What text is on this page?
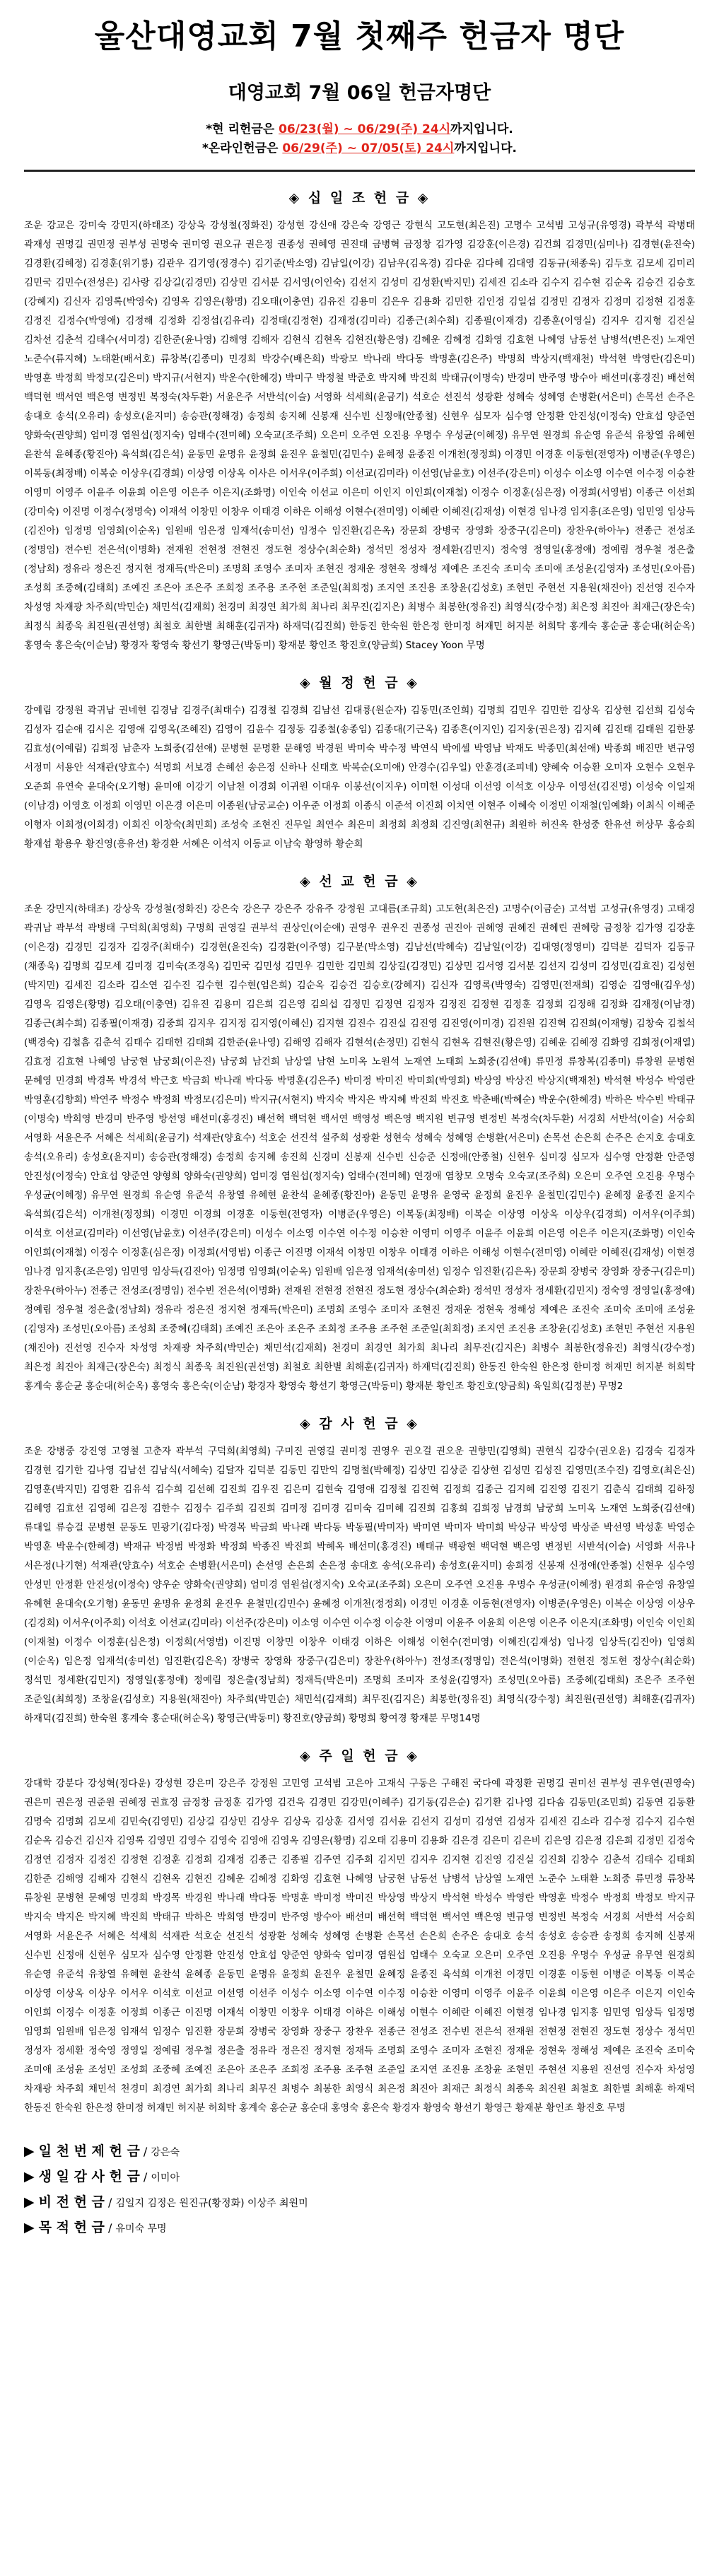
울산대영교회 7월 첫째주 헌금자 명단
대영교회 7월 06일 헌금자명단
*현 리헌금은 06/23(월) ~ 06/29(주) 24시까지입니다.
*온라인헌금은 06/29(주) ~ 07/05(토) 24시까지입니다.
◈ 십 일 조 헌 금 ◈

조운 강교은 강미숙 강민지(하태조) 강상욱 강성철(정화진) 강성현 강신애 강은숙 강영근 강현식 고도현(최은진) 고명수 고석범 고성규(유영경) 곽부석 곽병태 곽재성 권명길 권민정 권부성 권명숙 권미영 권오규 권은정 권종성 권혜영 권진태 금병혁 금정창 김가영 김강훈(이은경) 김건희 김경민(심미나) 김경현(윤진숙) 김경환(김혜정) 김경훈(위기룡) 김관우 김기영(정경수) 김기준(박소영) 김남일(이강) 김남우(김옥경) 김다운 김다혜 김대영 김동규(채종욱) 김두호 김모세 김미리 김민국 김민수(전성은) 김사랑 김상길(김경민) 김상민 김서분 김서영(이인숙) 김선지 김성미 김성환(박지민) 김세진 김소라 김수지 김수현 김순옥 김승건 김승호(강혜지) 김신자 김영록(박영숙) 김영옥 김영은(황명) 김오태(이충연) 김유진 김용미 김은우 김용화 김민한 김인정 김일섭 김정민 김정자 김정미 김정현 김정훈 김정진 김정수(박영애) 김정해 김정화 김정섭(김유리) 김정태(김정현) 김재정(김미라) 김종근(최수희) 김종필(이재경) 김종훈(이영실) 김지우 김지형 김진실 김차선 김춘석 김태수(서미경) 김한준(윤나영) 김해영 김해자 김현식 김현옥 김현진(황은영) 김혜운 김혜정 김화영 김효현 나혜영 남동선 남병석(변은진) 노재연 노준수(류지혜) 노태환(배서호) 류창복(김종미) 민경희 박강수(배은희) 박광모 박나래 박다동 박명훈(김은주) 박명희 박상지(백재천) 박석현 박영란(김은미) 박영훈 박정희 박정모(김은미) 박지규(서현지) 박운수(한혜경) 박미구 박정철 박준호 박지혜 박진희 박태규(이명숙) 반경미 반주영 방수아 배선미(홍경진) 배선혁 백덕현 백서연 백은영 변정빈 복정숙(차두환) 서윤은주 서반석(이슬) 서영화 석세희(윤금기) 석호순 선진석 성광환 성혜숙 성혜영 손병환(서은미) 손목선 손주은 송대호 송석(오유리) 송성호(윤지미) 송승관(정해경) 송정희 송지혜 신봉재 신수빈 신정애(안종철) 신현우 심모자 심수영 안정환 안진성(이정숙) 안효섭 양준연 양화숙(권양희) 엄미경 염원섭(정지숙) 엄태수(전미혜) 오숙교(조주희) 오은미 오주연 오진용 우명수 우성균(이혜정) 유무연 원경희 유순영 유준석 유창열 유혜현 윤찬석 윤혜종(황진아) 육석희(김은석) 윤동민 윤명유 윤정희 윤진우 윤철민(김민수) 윤혜정 윤종진 이개천(정정희) 이경민 이경훈 이동현(전영자) 이병준(우영은) 이복동(최정배) 이복순 이상우(김경희) 이상영 이상옥 이사은 이서우(이주희) 이선교(김미라) 이선영(남윤호) 이선주(강은미) 이성수 이소영 이수연 이수정 이승찬 이영미 이영주 이윤주 이윤희 이은영 이은주 이은지(조화명) 이인숙 이선교 이은미 이인지 이인희(이재철) 이정수 이정훈(심은정) 이정희(서영범) 이종근 이선희(강미숙) 이진명 이정수(정명숙) 이재석 이창민 이창우 이태경 이하은 이해성 이현수(전미영) 이혜란 이혜진(김재성) 이현경 임나경 임지흥(조은영) 임민영 임상득(김진아) 임정명 임영희(이순옥) 임원배 임은정 임재석(송미선) 임정수 임진환(김은옥) 장문희 장병국 장영화 장중구(김은미) 장찬우(하아누) 전종근 전성조(정명임) 전수빈 전은석(이명화) 전재원 전현정 전현진 정도현 정상수(최순화) 정석민 정성자 정세환(김민지) 정숙영 정영일(홍정애) 정예림 정우철 정은출(정남희) 정유라 정은진 정지현 정재득(박은미) 조명희 조영수 조미자 조현진 정재운 정현욱 정해성 제예은 조진숙 조미숙 조미애 조성윤(김영자) 조성민(오아름) 조성희 조중혜(김태희) 조예진 조은아 조은주 조희정 조주용 조주현 조준일(최희정) 조지연 조진용 조창윤(김성호) 조현민 주현선 지용원(채진아) 진선영 진수자 차성영 차재광 차주희(박민순) 채민석(김재희) 천경미 최경연 최가희 최나리 최무진(김지은) 최병수 최봉한(정유진) 최영식(강수정) 최은정 최진아 최재근(장은숙) 최정식 최종욱 최진원(권선영) 최철호 최한별 최해훈(김귀자) 하재덕(김진희) 한동진 한숙원 한은정 한미정 허재민 허지분 허희탁 홍계숙 홍순균 홍순대(허순옥) 홍영숙 홍은숙(이순남) 황경자 황영숙 황선기 황영근(박동미) 황재분 황인조 황진호(양금희) Stacey Yoon 무명

◈ 월 정 헌 금 ◈

강예림 강정원 곽귀남 권네현 김경남 김경주(최태수) 김경철 김경희 김남선 김대룡(원순자) 김동민(조인희) 김명희 김민우 김민한 김상옥 김상현 김선희 김성숙 김성자 김순애 김시온 김영애 김영옥(조혜진) 김영이 김윤수 김정동 김종철(송종임) 김종대(기근옥) 김종흔(이지인) 김지웅(권은정) 김지혜 김진태 김태원 김한봉 김효성(이예림) 김희정 남춘자 노희중(김선애) 문병현 문명환 문해영 박경원 박미숙 박수정 박연식 박에셀 박영남 박재도 박종민(최선애) 박종희 배진만 변규영 서정미 서용안 석재관(양효수) 석명희 서보경 손혜선 송은정 신하나 신태호 박복순(오미애) 안경수(김우일) 안훈경(조피네) 양혜숙 어승환 오미자 오현수 오현우 오준희 유연숙 윤대숙(오기형) 윤미애 이강기 이남천 이경희 이귀원 이대우 이봉선(이지우) 이미헌 이성대 이선영 이석호 이상우 이영선(김진명) 이성숙 이일재(이남경) 이영호 이정희 이영민 이은경 이은미 이종원(남궁교순) 이우준 이정희 이종식 이준석 이진희 이치연 이현주 이혜숙 이정민 이재철(임예화) 이최식 이해준 이형자 이희정(이희경) 이희진 이창숙(최민희) 조성숙 조현진 진무일 최연수 최은미 최정희 최정희 김진영(최현규) 최원하 허진옥 한성중 한유선 허상무 홍승희 황재섭 황용우 황진영(흥유선) 황경환 서혜은 이석지 이동교 이남숙 황영하 황순희

◈ 선 교 헌 금 ◈

조운 강민지(하태조) 강상욱 강성철(정화진) 강은숙 강은구 강은주 강유주 강정원 고대름(조규희) 고도현(최은진) 고명수(이금순) 고석범 고성규(유영경) 고태경 곽귀남 곽부석 곽병태 구덕희(최영희) 구명희 권영길 권부석 권상인(이순애) 권영우 권우진 권종성 권진아 권혜영 권혜진 권혜린 권혜랑 금정창 김가영 김강훈(이은경) 김경민 김경자 김경주(최태수) 김경현(윤진숙) 김경환(이주영) 김구분(박소영) 김남선(박혜숙) 김남일(이강) 김대영(정영미) 김덕분 김덕자 김동규(채종욱) 김명희 김모세 김미경 김미숙(조경옥) 김민국 김민성 김민우 김민한 김민희 김상길(김경민) 김상민 김서영 김서분 김선지 김성미 김성민(김효진) 김성현(박지민) 김세진 김소라 김소연 김수진 김수현 김수현(엄은희) 김순옥 김승건 김승호(강혜지) 김신자 김영록(박영숙) 김영민(전재희) 김영순 김영애(김우성) 김영옥 김영은(황명) 김오태(이충연) 김유진 김용미 김은희 김은영 김의섭 김정민 김정연 김정자 김정진 김정현 김정훈 김정회 김정해 김정화 김재정(이남경) 김종근(최수희) 김종필(이재경) 김중희 김지우 김지정 김지영(이혜신) 김지현 김진수 김진실 김진영 김진영(이미경) 김진원 김진혁 김진희(이재형) 김창숙 김철석(백경숙) 김철흠 김춘석 김태수 김태헌 김태희 김한준(윤나영) 김해영 김해자 김현석(손정민) 김현식 김현옥 김현진(황은영) 김혜운 김혜정 김화영 김희정(이재열) 김효정 김효현 나혜영 남궁현 남궁희(이은진) 남궁희 남건희 남상열 남현 노미옥 노원석 노재연 노태희 노희중(김선애) 류민정 류창복(김종미) 류창원 문병현 문혜영 민경희 박경목 박경석 박근호 박금희 박나래 박다동 박명훈(김은주) 박미정 박미진 박미희(박영희) 박상영 박상진 박상지(백재천) 박석현 박성수 박영란 박영훈(김향희) 박연주 박정수 박정희 박정모(김은미) 박지규(서현지) 박지숙 박지은 박지혜 박진희 박진호 박춘배(박혜순) 박운수(한혜경) 박하은 박수빈 박태규(이명숙) 박희영 반경미 반주영 방선영 배선미(홍경진) 배선혁 백덕현 백서연 백영성 백은영 백지원 변규영 변정빈 복정숙(차두환) 서경희 서반석(이슬) 서승희 서영화 서윤은주 서혜은 석세희(윤금기) 석재관(양효수) 석호순 선진석 설주희 성광환 성현숙 성혜숙 성혜영 손병환(서은미) 손목선 손은희 손주은 손지호 송대호 송석(오유리) 송성호(윤지미) 송승관(정해경) 송정희 송지혜 송진희 신경미 신봉재 신수빈 신승준 신정애(안종철) 신현우 심미경 심모자 심수영 안정환 안준영 안진성(이정숙) 안효섭 양준연 양형희 양화숙(권양희) 엄미경 염원섭(정지숙) 엄태수(전미혜) 연경애 염창모 오명숙 오숙교(조주희) 오은미 오주연 오진용 우명수 우성균(이혜정) 유무연 원경희 유순영 유준석 유창열 유혜현 윤찬석 윤혜종(황진아) 윤동민 윤명유 윤영국 윤정희 윤진우 윤철민(김민수) 윤혜정 윤종진 윤지수 육석희(김은석) 이개천(정정희) 이경민 이경희 이경훈 이동현(전영자) 이병준(우영은) 이복동(최정배) 이복순 이상영 이상옥 이상우(김경희) 이서우(이주희) 이석호 이선교(김미라) 이선영(남윤호) 이선주(강은미) 이성수 이소영 이수연 이수정 이승찬 이영미 이영주 이윤주 이윤희 이은영 이은주 이은지(조화명) 이인숙 이인희(이재철) 이정수 이정훈(심은정) 이정희(서영범) 이종근 이진명 이재석 이창민 이창우 이태경 이하은 이해성 이현수(전미영) 이혜란 이혜진(김재성) 이현경 임나경 임지흥(조은영) 임민영 임상득(김진아) 임정명 임영희(이순옥) 임원배 임은정 임재석(송미선) 임정수 임진환(김은옥) 장문희 장병국 장영화 장중구(김은미) 장찬우(하아누) 전종근 전성조(정명임) 전수빈 전은석(이명화) 전재원 전현정 전현진 정도현 정상수(최순화) 정석민 정성자 정세환(김민지) 정숙영 정영일(홍정애) 정예림 정우철 정은출(정남희) 정유라 정은진 정지현 정재득(박은미) 조명희 조영수 조미자 조현진 정재운 정현욱 정해성 제예은 조진숙 조미숙 조미애 조성윤(김영자) 조성민(오아름) 조성희 조중혜(김태희) 조예진 조은아 조은주 조희정 조주용 조주현 조준일(최희정) 조지연 조진용 조창윤(김성호) 조현민 주현선 지용원(채진아) 진선영 진수자 차성영 차재광 차주희(박민순) 채민석(김재희) 천경미 최경연 최가희 최나리 최무진(김지은) 최병수 최봉한(정유진) 최영식(강수정) 최은정 최진아 최재근(장은숙) 최정식 최종욱 최진원(권선영) 최철호 최한별 최해훈(김귀자) 하재덕(김진희) 한동진 한숙원 한은정 한미정 허재민 허지분 허희탁 홍계숙 홍순균 홍순대(허순옥) 홍영숙 홍은숙(이순남) 황경자 황영숙 황선기 황영근(박동미) 황재분 황인조 황진호(양금희) 육일희(김정분) 무명2

◈ 감 사 헌 금 ◈

조운 강병중 강진영 고영철 고춘자 곽부석 구덕희(최영희) 구미진 권영길 권미정 권영우 권오걸 권오운 권향민(김영희) 권현식 김강수(권오윤) 김경숙 김경자 김경현 김기한 김나영 김남선 김남식(서혜숙) 김달자 김덕분 김동민 김만익 김명철(박혜정) 김상민 김상준 김상현 김성민 김성진 김영민(조수진) 김영호(최은신) 김영훈(박지민) 김영환 김유석 김수희 김선혜 김진희 김우진 김은미 김현숙 김영애 김정철 김진혁 김정희 김종근 김지혜 김진영 김진기 김춘식 김태희 김하정 김혜영 김효선 김영혜 김은정 김한수 김정수 김주희 김진희 김미정 김미경 김미숙 김미혜 김진희 김홍희 김희정 남경희 남궁희 노미옥 노재연 노희중(김선애) 류대일 류승걸 문병현 문동도 민광기(김다정) 박경목 박금희 박나래 박다동 박동필(박미자) 박미연 박미자 박미희 박상규 박상영 박상준 박선영 박성훈 박영순 박영훈 박운수(한혜경) 박재규 박정범 박정화 박정희 박종진 박진희 박혜옥 배선미(홍경진) 배태규 백광현 백덕현 백은영 변정빈 서반석(이슬) 서영화 서유나 서은정(나기현) 석재관(양효수) 석호순 손병환(서은미) 손선영 손은희 손은정 송대호 송석(오유리) 송성호(윤지미) 송희정 신봉재 신정애(안종철) 신현우 심수영 안성민 안정환 안진성(이정숙) 양우순 양화숙(권양희) 엄미경 염원섭(정지숙) 오숙교(조주희) 오은미 오주연 오진용 우명수 우성균(이혜정) 원경희 유순영 유창열 유혜현 윤대숙(오기형) 윤동민 윤명유 윤정희 윤진우 윤철민(김민수) 윤혜정 이개천(정정희) 이경민 이경훈 이동현(전영자) 이병준(우영은) 이복순 이상영 이상우(김경희) 이서우(이주희) 이석호 이선교(김미라) 이선주(강은미) 이소영 이수연 이수정 이승찬 이영미 이윤주 이윤희 이은영 이은주 이은지(조화명) 이인숙 이인희(이재철) 이정수 이정훈(심은정) 이정희(서영범) 이진명 이창민 이창우 이태경 이하은 이해성 이현수(전미영) 이혜진(김재성) 임나경 임상득(김진아) 임영희(이순옥) 임은정 임재석(송미선) 임진환(김은옥) 장병국 장영화 장중구(김은미) 장찬우(하아누) 전성조(정명임) 전은석(이명화) 전현진 정도현 정상수(최순화) 정석민 정세환(김민지) 정영일(홍정애) 정예림 정은출(정남희) 정재득(박은미) 조명희 조미자 조성윤(김영자) 조성민(오아름) 조중혜(김태희) 조은주 조주현 조준일(최희정) 조창윤(김성호) 지용원(채진아) 차주희(박민순) 채민석(김재희) 최무진(김지은) 최봉한(정유진) 최영식(강수정) 최진원(권선영) 최해훈(김귀자) 하재덕(김진희) 한숙원 홍계숙 홍순대(허순옥) 황영근(박동미) 황진호(양금희) 황명희 황여경 황재분 무명14명

◈ 주 일 헌 금 ◈

강대학 강분다 강성혁(정다운) 강성현 강은미 강은주 강정원 고민영 고석범 고은아 고재식 구동은 구해진 국다예 곽정환 권명길 권미선 권부성 권우연(권영숙) 권은미 권은정 권준원 권혜정 권효정 금정창 금정훈 김가영 김건욱 김경민 김강민(이혜주) 김기동(김은순) 김기환 김나영 김다솜 김동민(조민희) 김동연 김동환 김명숙 김명희 김모세 김민숙(김영민) 김상길 김상민 김상우 김상욱 김상훈 김서영 김서윤 김선지 김성미 김성연 김성자 김세진 김소라 김수정 김수지 김수현 김순옥 김승건 김신자 김영록 김영민 김영수 김영숙 김영애 김영옥 김영은(황명) 김오태 김용미 김용화 김은경 김은미 김은비 김은영 김은정 김은희 김정민 김정숙 김정연 김정자 김정진 김정현 김정훈 김정희 김재정 김종근 김종필 김주연 김주희 김지민 김지우 김지현 김진영 김진실 김진희 김창수 김춘석 김태수 김태희 김한준 김해영 김해자 김현식 김현옥 김현진 김혜운 김혜정 김화영 김효현 나혜영 남궁현 남동선 남병석 남상열 노재연 노준수 노태환 노희중 류민정 류창복 류창원 문병현 문혜영 민경희 박경목 박경원 박나래 박다동 박명훈 박미정 박미진 박상영 박상지 박석현 박성수 박영란 박영훈 박정수 박정희 박정모 박지규 박지숙 박지은 박지혜 박진희 박태규 박하은 박희영 반경미 반주영 방수아 배선미 배선혁 백덕현 백서연 백은영 변규영 변정빈 복정숙 서경희 서반석 서승희 서영화 서윤은주 서혜은 석세희 석재관 석호순 선진석 성광환 성혜숙 성혜영 손병환 손목선 손은희 손주은 송대호 송석 송성호 송승관 송정희 송지혜 신봉재 신수빈 신정애 신현우 심모자 심수영 안정환 안진성 안효섭 양준연 양화숙 엄미경 염원섭 엄태수 오숙교 오은미 오주연 오진용 우명수 우성균 유무연 원경희 유순영 유준석 유창열 유혜현 윤찬석 윤혜종 윤동민 윤명유 윤정희 윤진우 윤철민 윤혜정 윤종진 육석희 이개천 이경민 이경훈 이동현 이병준 이복동 이복순 이상영 이상옥 이상우 이서우 이석호 이선교 이선영 이선주 이성수 이소영 이수연 이수정 이승찬 이영미 이영주 이윤주 이윤희 이은영 이은주 이은지 이인숙 이인희 이정수 이정훈 이정희 이종근 이진명 이재석 이창민 이창우 이태경 이하은 이해성 이현수 이혜란 이혜진 이현경 임나경 임지흥 임민영 임상득 임정명 임영희 임원배 임은정 임재석 임정수 임진환 장문희 장병국 장영화 장중구 장찬우 전종근 전성조 전수빈 전은석 전재원 전현정 전현진 정도현 정상수 정석민 정성자 정세환 정숙영 정영일 정예림 정우철 정은출 정유라 정은진 정지현 정재득 조명희 조영수 조미자 조현진 정재운 정현욱 정해성 제예은 조진숙 조미숙 조미애 조성윤 조성민 조성희 조중혜 조예진 조은아 조은주 조희정 조주용 조주현 조준일 조지연 조진용 조창윤 조현민 주현선 지용원 진선영 진수자 차성영 차재광 차주희 채민석 천경미 최경연 최가희 최나리 최무진 최병수 최봉한 최영식 최은정 최진아 최재근 최정식 최종욱 최진원 최철호 최한별 최해훈 하재덕 한동진 한숙원 한은정 한미정 허재민 허지분 허희탁 홍계숙 홍순균 홍순대 홍영숙 홍은숙 황경자 황영숙 황선기 황영근 황재분 황인조 황진호 무명

▶ 일 천 번 제 헌 금 / 강은숙
▶ 생 일 감 사 헌 금 / 이미아
▶ 비 전 헌 금 / 김일지 김정은 원진규(황정화) 이상주 최원미
▶ 목 적 헌 금 / 유미숙 무명
